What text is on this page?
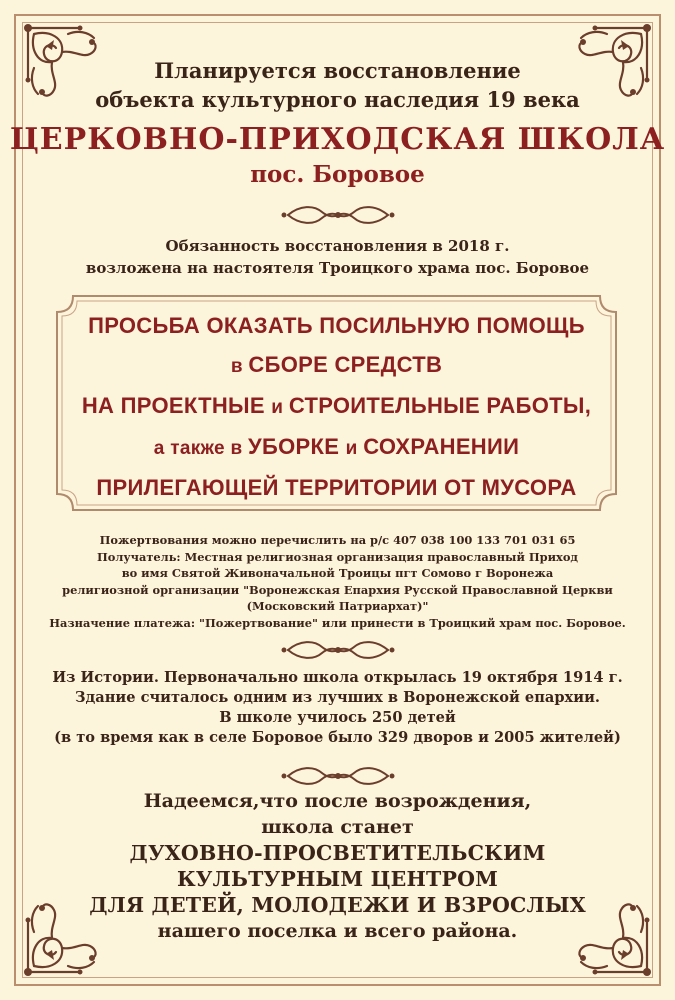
Планируется восстановление
объекта культурного наследия 19 века
ЦЕРКОВНО-ПРИХОДСКАЯ ШКОЛА
пос. Боровое
Обязанность восстановления в 2018 г.
возложена на настоятеля Троицкого храма пос. Боровое
ПРОСЬБА ОКАЗАТЬ ПОСИЛЬНУЮ ПОМОЩЬ
в СБОРЕ СРЕДСТВ
НА ПРОЕКТНЫЕ и СТРОИТЕЛЬНЫЕ РАБОТЫ,
а также в УБОРКЕ и СОХРАНЕНИИ
ПРИЛЕГАЮЩЕЙ ТЕРРИТОРИИ ОТ МУСОРА
Пожертвования можно перечислить на р/с 407 038 100 133 701 031 65
Получатель: Местная религиозная организация православный Приход
во имя Святой Живоначальной Троицы пгт Сомово г Воронежа
религиозной организации "Воронежская Епархия Русской Православной Церкви
(Московский Патриархат)"
Назначение платежа: "Пожертвование" или принести в Троицкий храм пос. Боровое.
Из Истории. Первоначально школа открылась 19 октября 1914 г.
Здание считалось одним из лучших в Воронежской епархии.
В школе училось 250 детей
(в то время как в селе Боровое было 329 дворов и 2005 жителей)
Надеемся,что после возрождения,
школа станет
ДУХОВНО-ПРОСВЕТИТЕЛЬСКИМ
КУЛЬТУРНЫМ ЦЕНТРОМ
ДЛЯ ДЕТЕЙ, МОЛОДЕЖИ И ВЗРОСЛЫХ
нашего поселка и всего района.
